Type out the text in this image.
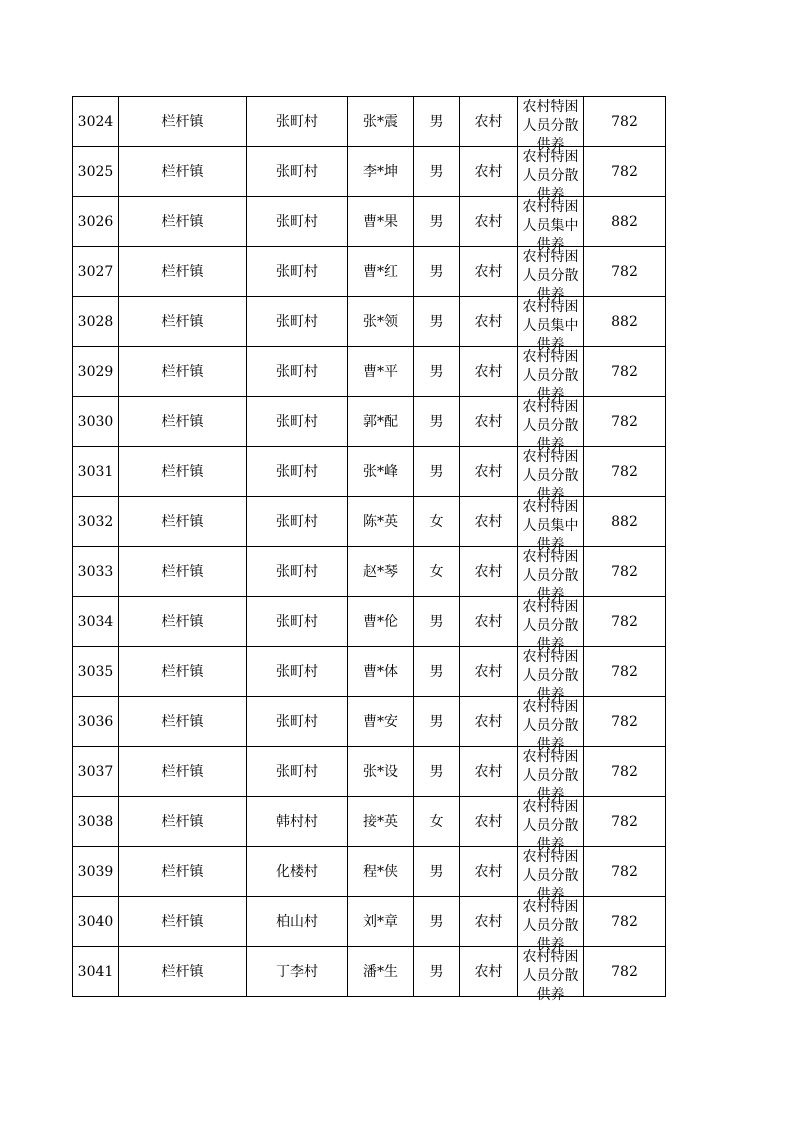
3024	栏杆镇	张町村	张*震	男	农村	农村特困人员分散供养	782
3025	栏杆镇	张町村	李*坤	男	农村	农村特困人员分散供养	782
3026	栏杆镇	张町村	曹*果	男	农村	农村特困人员集中供养	882
3027	栏杆镇	张町村	曹*红	男	农村	农村特困人员分散供养	782
3028	栏杆镇	张町村	张*领	男	农村	农村特困人员集中供养	882
3029	栏杆镇	张町村	曹*平	男	农村	农村特困人员分散供养	782
3030	栏杆镇	张町村	郭*配	男	农村	农村特困人员分散供养	782
3031	栏杆镇	张町村	张*峰	男	农村	农村特困人员分散供养	782
3032	栏杆镇	张町村	陈*英	女	农村	农村特困人员集中供养	882
3033	栏杆镇	张町村	赵*琴	女	农村	农村特困人员分散供养	782
3034	栏杆镇	张町村	曹*伦	男	农村	农村特困人员分散供养	782
3035	栏杆镇	张町村	曹*体	男	农村	农村特困人员分散供养	782
3036	栏杆镇	张町村	曹*安	男	农村	农村特困人员分散供养	782
3037	栏杆镇	张町村	张*设	男	农村	农村特困人员分散供养	782
3038	栏杆镇	韩村村	接*英	女	农村	农村特困人员分散供养	782
3039	栏杆镇	化楼村	程*侠	男	农村	农村特困人员分散供养	782
3040	栏杆镇	柏山村	刘*章	男	农村	农村特困人员分散供养	782
3041	栏杆镇	丁李村	潘*生	男	农村	农村特困人员分散供养	782
